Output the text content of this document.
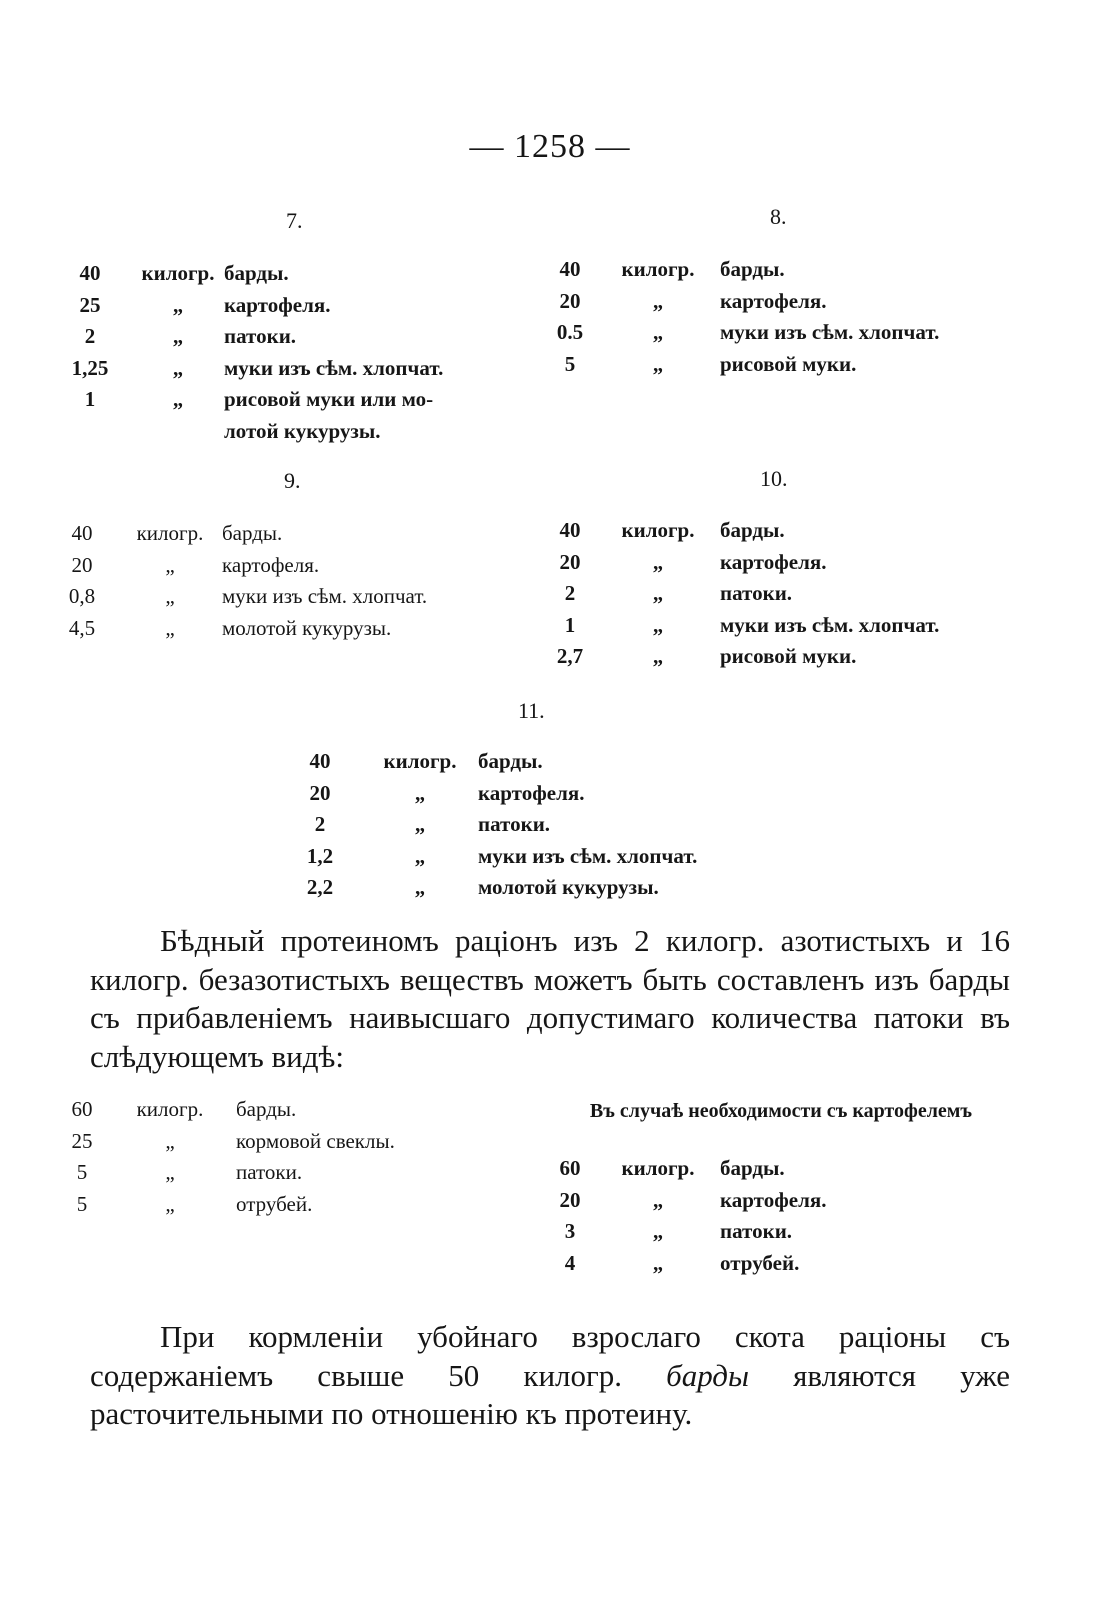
— 1258 —
7.
40	килогр. барды.
25	„	картофеля.
2	„	патоки.
1,25	„	муки изъ сѣм. хлопчат.
1	„	рисовой муки или мо-
лотой кукурузы.
8.
40	килогр.	барды.
20	„	картофеля.
0.5	„	муки изъ сѣм. хлопчат.
5	„	рисовой муки.
9.
40	килогр. барды.
20	„	картофеля.
0,8	„	муки изъ сѣм. хлопчат.
4,5	„	молотой кукурузы.
10.
40	килогр.	барды.
20	„	картофеля.
2	„	патоки.
1	„	муки изъ сѣм. хлопчат.
2,7	„	рисовой муки.
11.
40	килогр.	барды.
20	„	картофеля.
2	„	патоки.
1,2	„	муки изъ сѣм. хлопчат.
2,2	„	молотой кукурузы.

Бѣдный протеиномъ раціонъ изъ 2 килогр. азотистыхъ и 16 килогр. безазотистыхъ веществъ можетъ быть составленъ изъ барды съ прибавленіемъ наивысшаго допустимаго количества патоки въ слѣдующемъ видѣ:

60	килогр.	барды.
25	„	кормовой свеклы.
5	„	патоки.
5	„	отрубей.
Въ случаѣ необходимости съ картофелемъ
60	килогр.	барды.
20	„	картофеля.
3	„	патоки.
4	„	отрубей.

При кормленіи убойнаго взрослаго скота раціоны съ содержаніемъ свыше 50 килогр. барды являются уже расточительными по отношенію къ протеину.
